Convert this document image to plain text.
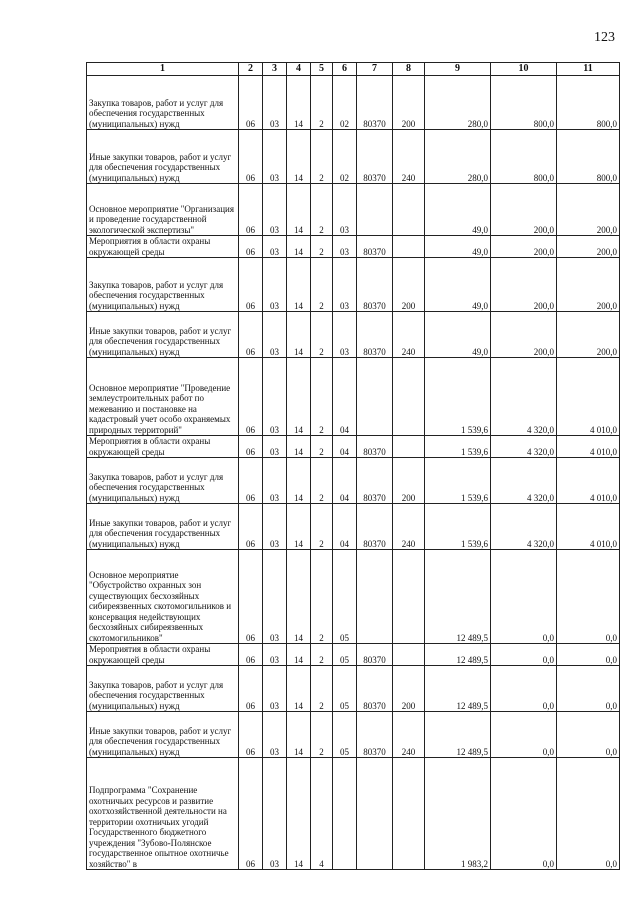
123
1	2	3	4	5	6	7	8	9	10	11
Закупка товаров, работ и услуг для обеспечения государственных (муниципальных) нужд	06	03	14	2	02	80370	200	280,0	800,0	800,0
Иные закупки товаров, работ и услуг для обеспечения государственных (муниципальных) нужд	06	03	14	2	02	80370	240	280,0	800,0	800,0
Основное мероприятие "Организация и проведение государственной экологической экспертизы"	06	03	14	2	03			49,0	200,0	200,0
Мероприятия в области охраны окружающей среды	06	03	14	2	03	80370		49,0	200,0	200,0
Закупка товаров, работ и услуг для обеспечения государственных (муниципальных) нужд	06	03	14	2	03	80370	200	49,0	200,0	200,0
Иные закупки товаров, работ и услуг для обеспечения государственных (муниципальных) нужд	06	03	14	2	03	80370	240	49,0	200,0	200,0
Основное мероприятие "Проведение землеустроительных работ по межеванию и постановке на кадастровый учет особо охраняемых природных территорий"	06	03	14	2	04			1 539,6	4 320,0	4 010,0
Мероприятия в области охраны окружающей среды	06	03	14	2	04	80370		1 539,6	4 320,0	4 010,0
Закупка товаров, работ и услуг для обеспечения государственных (муниципальных) нужд	06	03	14	2	04	80370	200	1 539,6	4 320,0	4 010,0
Иные закупки товаров, работ и услуг для обеспечения государственных (муниципальных) нужд	06	03	14	2	04	80370	240	1 539,6	4 320,0	4 010,0
Основное мероприятие "Обустройство охранных зон существующих бесхозяйных сибиреязвенных скотомогильников и консервация недействующих бесхозяйных сибиреязвенных скотомогильников"	06	03	14	2	05			12 489,5	0,0	0,0
Мероприятия в области охраны окружающей среды	06	03	14	2	05	80370		12 489,5	0,0	0,0
Закупка товаров, работ и услуг для обеспечения государственных (муниципальных) нужд	06	03	14	2	05	80370	200	12 489,5	0,0	0,0
Иные закупки товаров, работ и услуг для обеспечения государственных (муниципальных) нужд	06	03	14	2	05	80370	240	12 489,5	0,0	0,0
Подпрограмма "Сохранение охотничьих ресурсов и развитие охотхозяйственной деятельности на территории охотничьих угодий Государственного бюджетного учреждения "Зубово-Полянское государственное опытное охотничье хозяйство" в	06	03	14	4				1 983,2	0,0	0,0
